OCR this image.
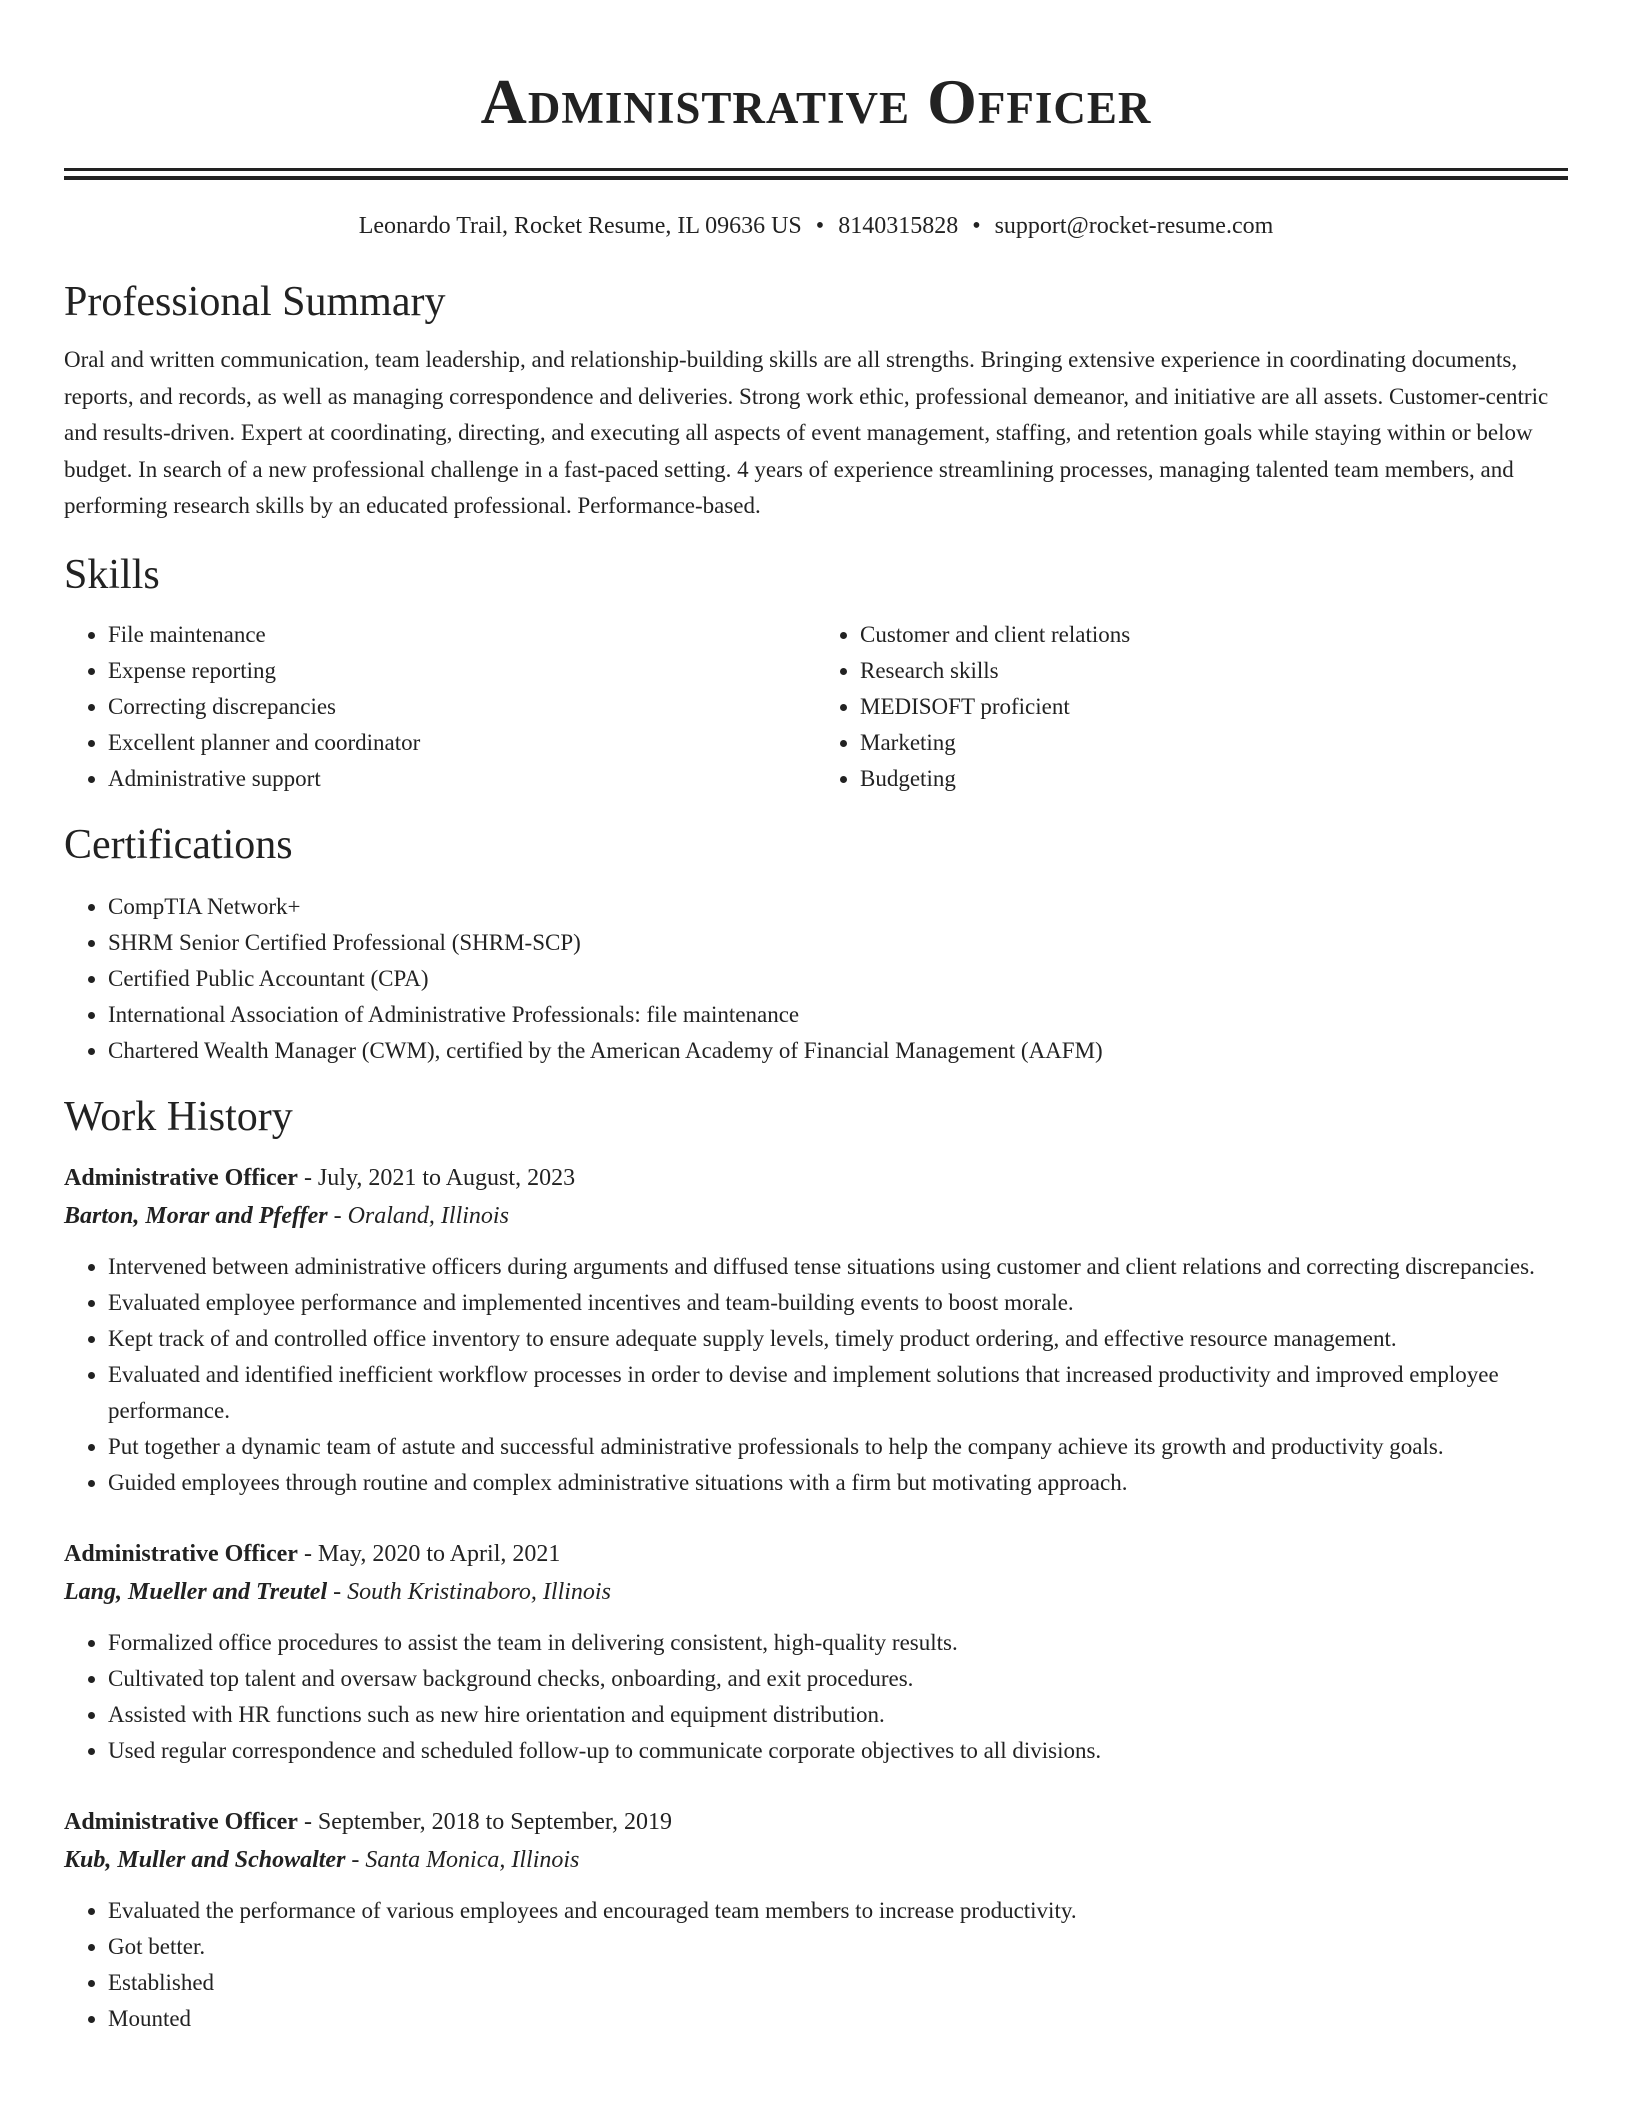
Administrative Officer
Leonardo Trail, Rocket Resume, IL 09636 US • 8140315828 • support@rocket-resume.com
Professional Summary
Oral and written communication, team leadership, and relationship-building skills are all strengths. Bringing extensive experience in coordinating documents, reports, and records, as well as managing correspondence and deliveries. Strong work ethic, professional demeanor, and initiative are all assets. Customer-centric and results-driven. Expert at coordinating, directing, and executing all aspects of event management, staffing, and retention goals while staying within or below budget. In search of a new professional challenge in a fast-paced setting. 4 years of experience streamlining processes, managing talented team members, and performing research skills by an educated professional. Performance-based.
Skills
• File maintenance
• Expense reporting
• Correcting discrepancies
• Excellent planner and coordinator
• Administrative support
• Customer and client relations
• Research skills
• MEDISOFT proficient
• Marketing
• Budgeting
Certifications
• CompTIA Network+
• SHRM Senior Certified Professional (SHRM-SCP)
• Certified Public Accountant (CPA)
• International Association of Administrative Professionals: file maintenance
• Chartered Wealth Manager (CWM), certified by the American Academy of Financial Management (AAFM)
Work History
Administrative Officer - July, 2021 to August, 2023
Barton, Morar and Pfeffer - Oraland, Illinois
• Intervened between administrative officers during arguments and diffused tense situations using customer and client relations and correcting discrepancies.
• Evaluated employee performance and implemented incentives and team-building events to boost morale.
• Kept track of and controlled office inventory to ensure adequate supply levels, timely product ordering, and effective resource management.
• Evaluated and identified inefficient workflow processes in order to devise and implement solutions that increased productivity and improved employee performance.
• Put together a dynamic team of astute and successful administrative professionals to help the company achieve its growth and productivity goals.
• Guided employees through routine and complex administrative situations with a firm but motivating approach.
Administrative Officer - May, 2020 to April, 2021
Lang, Mueller and Treutel - South Kristinaboro, Illinois
• Formalized office procedures to assist the team in delivering consistent, high-quality results.
• Cultivated top talent and oversaw background checks, onboarding, and exit procedures.
• Assisted with HR functions such as new hire orientation and equipment distribution.
• Used regular correspondence and scheduled follow-up to communicate corporate objectives to all divisions.
Administrative Officer - September, 2018 to September, 2019
Kub, Muller and Schowalter - Santa Monica, Illinois
• Evaluated the performance of various employees and encouraged team members to increase productivity.
• Got better.
• Established
• Mounted
